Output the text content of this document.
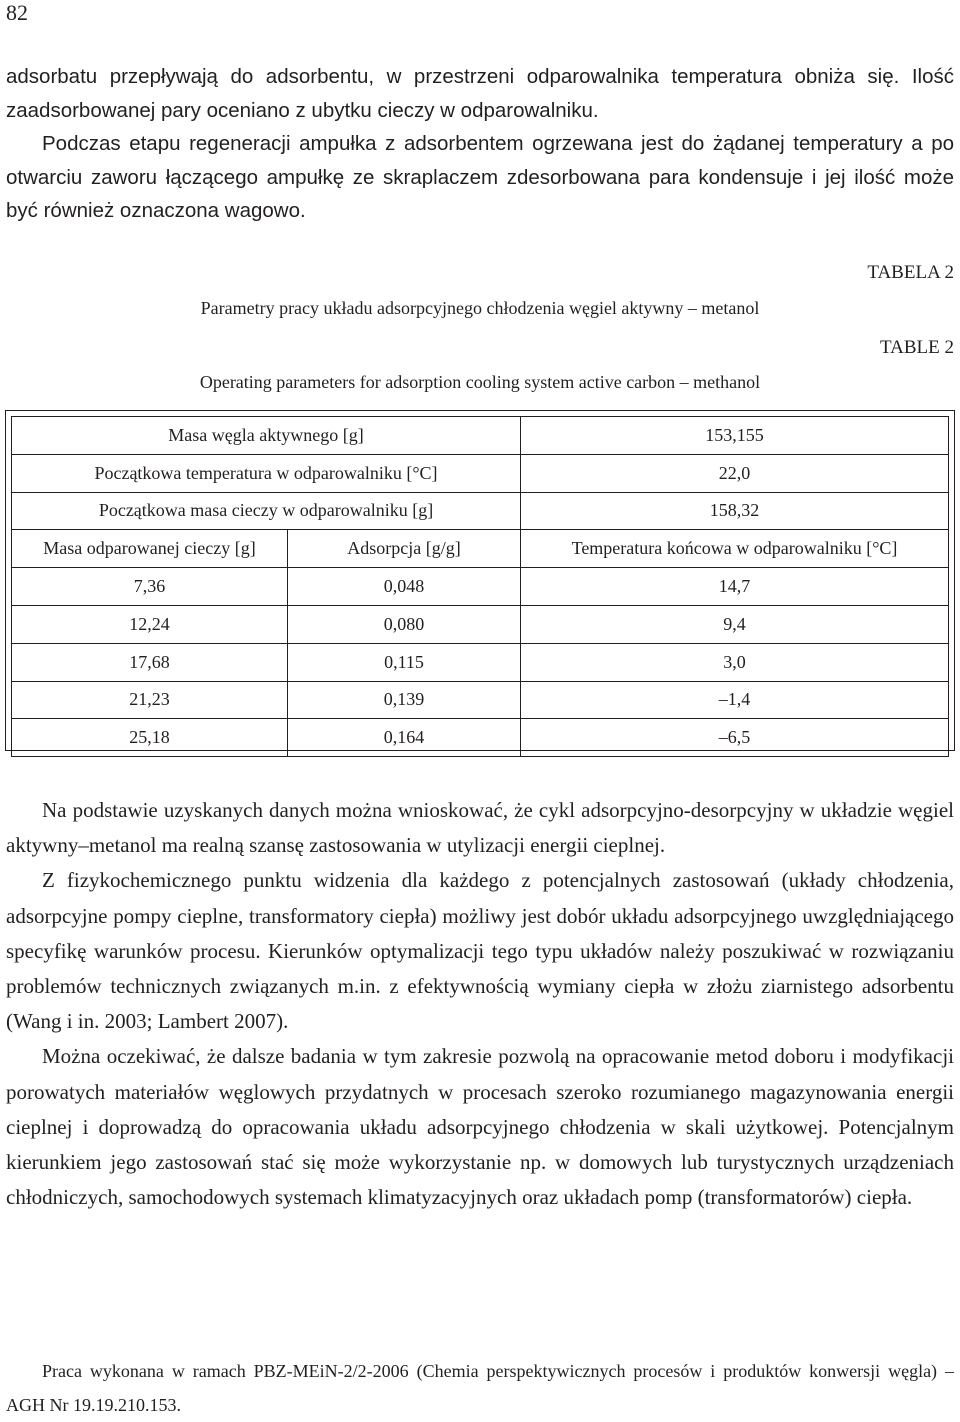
82

adsorbatu przepływają do adsorbentu, w przestrzeni odparowalnika temperatura obniża się. Ilość zaadsorbowanej pary oceniano z ubytku cieczy w odparowalniku.

Podczas etapu regeneracji ampułka z adsorbentem ogrzewana jest do żądanej temperatury a po otwarciu zaworu łączącego ampułkę ze skraplaczem zdesorbowana para kondensuje i jej ilość może być również oznaczona wagowo.

TABELA 2
Parametry pracy układu adsorpcyjnego chłodzenia węgiel aktywny – metanol
TABLE 2
Operating parameters for adsorption cooling system active carbon – methanol
Masa węgla aktywnego [g]		153,155
Początkowa temperatura w odparowalniku [°C]		22,0
Początkowa masa cieczy w odparowalniku [g]		158,32
Masa odparowanej cieczy [g]	Adsorpcja [g/g]	Temperatura końcowa w odparowalniku [°C]
7,36	0,048	14,7
12,24	0,080	9,4
17,68	0,115	3,0
21,23	0,139	–1,4
25,18	0,164	–6,5

Na podstawie uzyskanych danych można wnioskować, że cykl adsorpcyjno-desorpcyjny w układzie węgiel aktywny–metanol ma realną szansę zastosowania w utylizacji energii cieplnej.

Z fizykochemicznego punktu widzenia dla każdego z potencjalnych zastosowań (układy chłodzenia, adsorpcyjne pompy cieplne, transformatory ciepła) możliwy jest dobór układu adsorpcyjnego uwzględniającego specyfikę warunków procesu. Kierunków optymalizacji tego typu układów należy poszukiwać w rozwiązaniu problemów technicznych związanych m.in. z efektywnością wymiany ciepła w złożu ziarnistego adsorbentu (Wang i in. 2003; Lambert 2007).

Można oczekiwać, że dalsze badania w tym zakresie pozwolą na opracowanie metod doboru i modyfikacji porowatych materiałów węglowych przydatnych w procesach szeroko rozumianego magazynowania energii cieplnej i doprowadzą do opracowania układu adsorpcyjnego chłodzenia w skali użytkowej. Potencjalnym kierunkiem jego zastosowań stać się może wykorzystanie np. w domowych lub turystycznych urządzeniach chłodniczych, samochodowych systemach klimatyzacyjnych oraz układach pomp (transformatorów) ciepła.

Praca wykonana w ramach PBZ-MEiN-2/2-2006 (Chemia perspektywicznych procesów i produktów konwersji węgla) – AGH Nr 19.19.210.153.
